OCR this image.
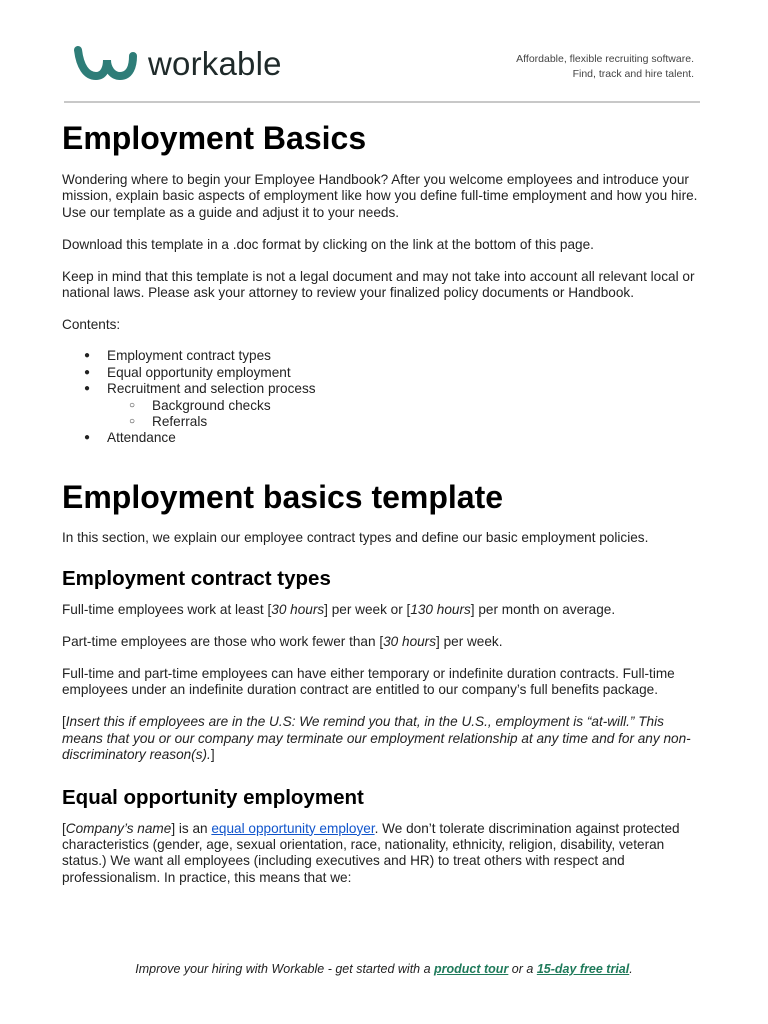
workable	Affordable, flexible recruiting software.
Find, track and hire talent.
Employment Basics

Wondering where to begin your Employee Handbook? After you welcome employees and introduce your mission, explain basic aspects of employment like how you define full-time employment and how you hire. Use our template as a guide and adjust it to your needs.

Download this template in a .doc format by clicking on the link at the bottom of this page.

Keep in mind that this template is not a legal document and may not take into account all relevant local or national laws. Please ask your attorney to review your finalized policy documents or Handbook.

Contents:

● Employment contract types
● Equal opportunity employment
● Recruitment and selection process
○ Background checks
○ Referrals
● Attendance
Employment basics template

In this section, we explain our employee contract types and define our basic employment policies.

Employment contract types

Full-time employees work at least [30 hours] per week or [130 hours] per month on average.

Part-time employees are those who work fewer than [30 hours] per week.

Full-time and part-time employees can have either temporary or indefinite duration contracts. Full-time employees under an indefinite duration contract are entitled to our company’s full benefits package.

[Insert this if employees are in the U.S: We remind you that, in the U.S., employment is “at-will.” This means that you or our company may terminate our employment relationship at any time and for any non-discriminatory reason(s).]

Equal opportunity employment

[Company’s name] is an equal opportunity employer. We don’t tolerate discrimination against protected characteristics (gender, age, sexual orientation, race, nationality, ethnicity, religion, disability, veteran status.) We want all employees (including executives and HR) to treat others with respect and professionalism. In practice, this means that we:

Improve your hiring with Workable - get started with a product tour or a 15-day free trial.
